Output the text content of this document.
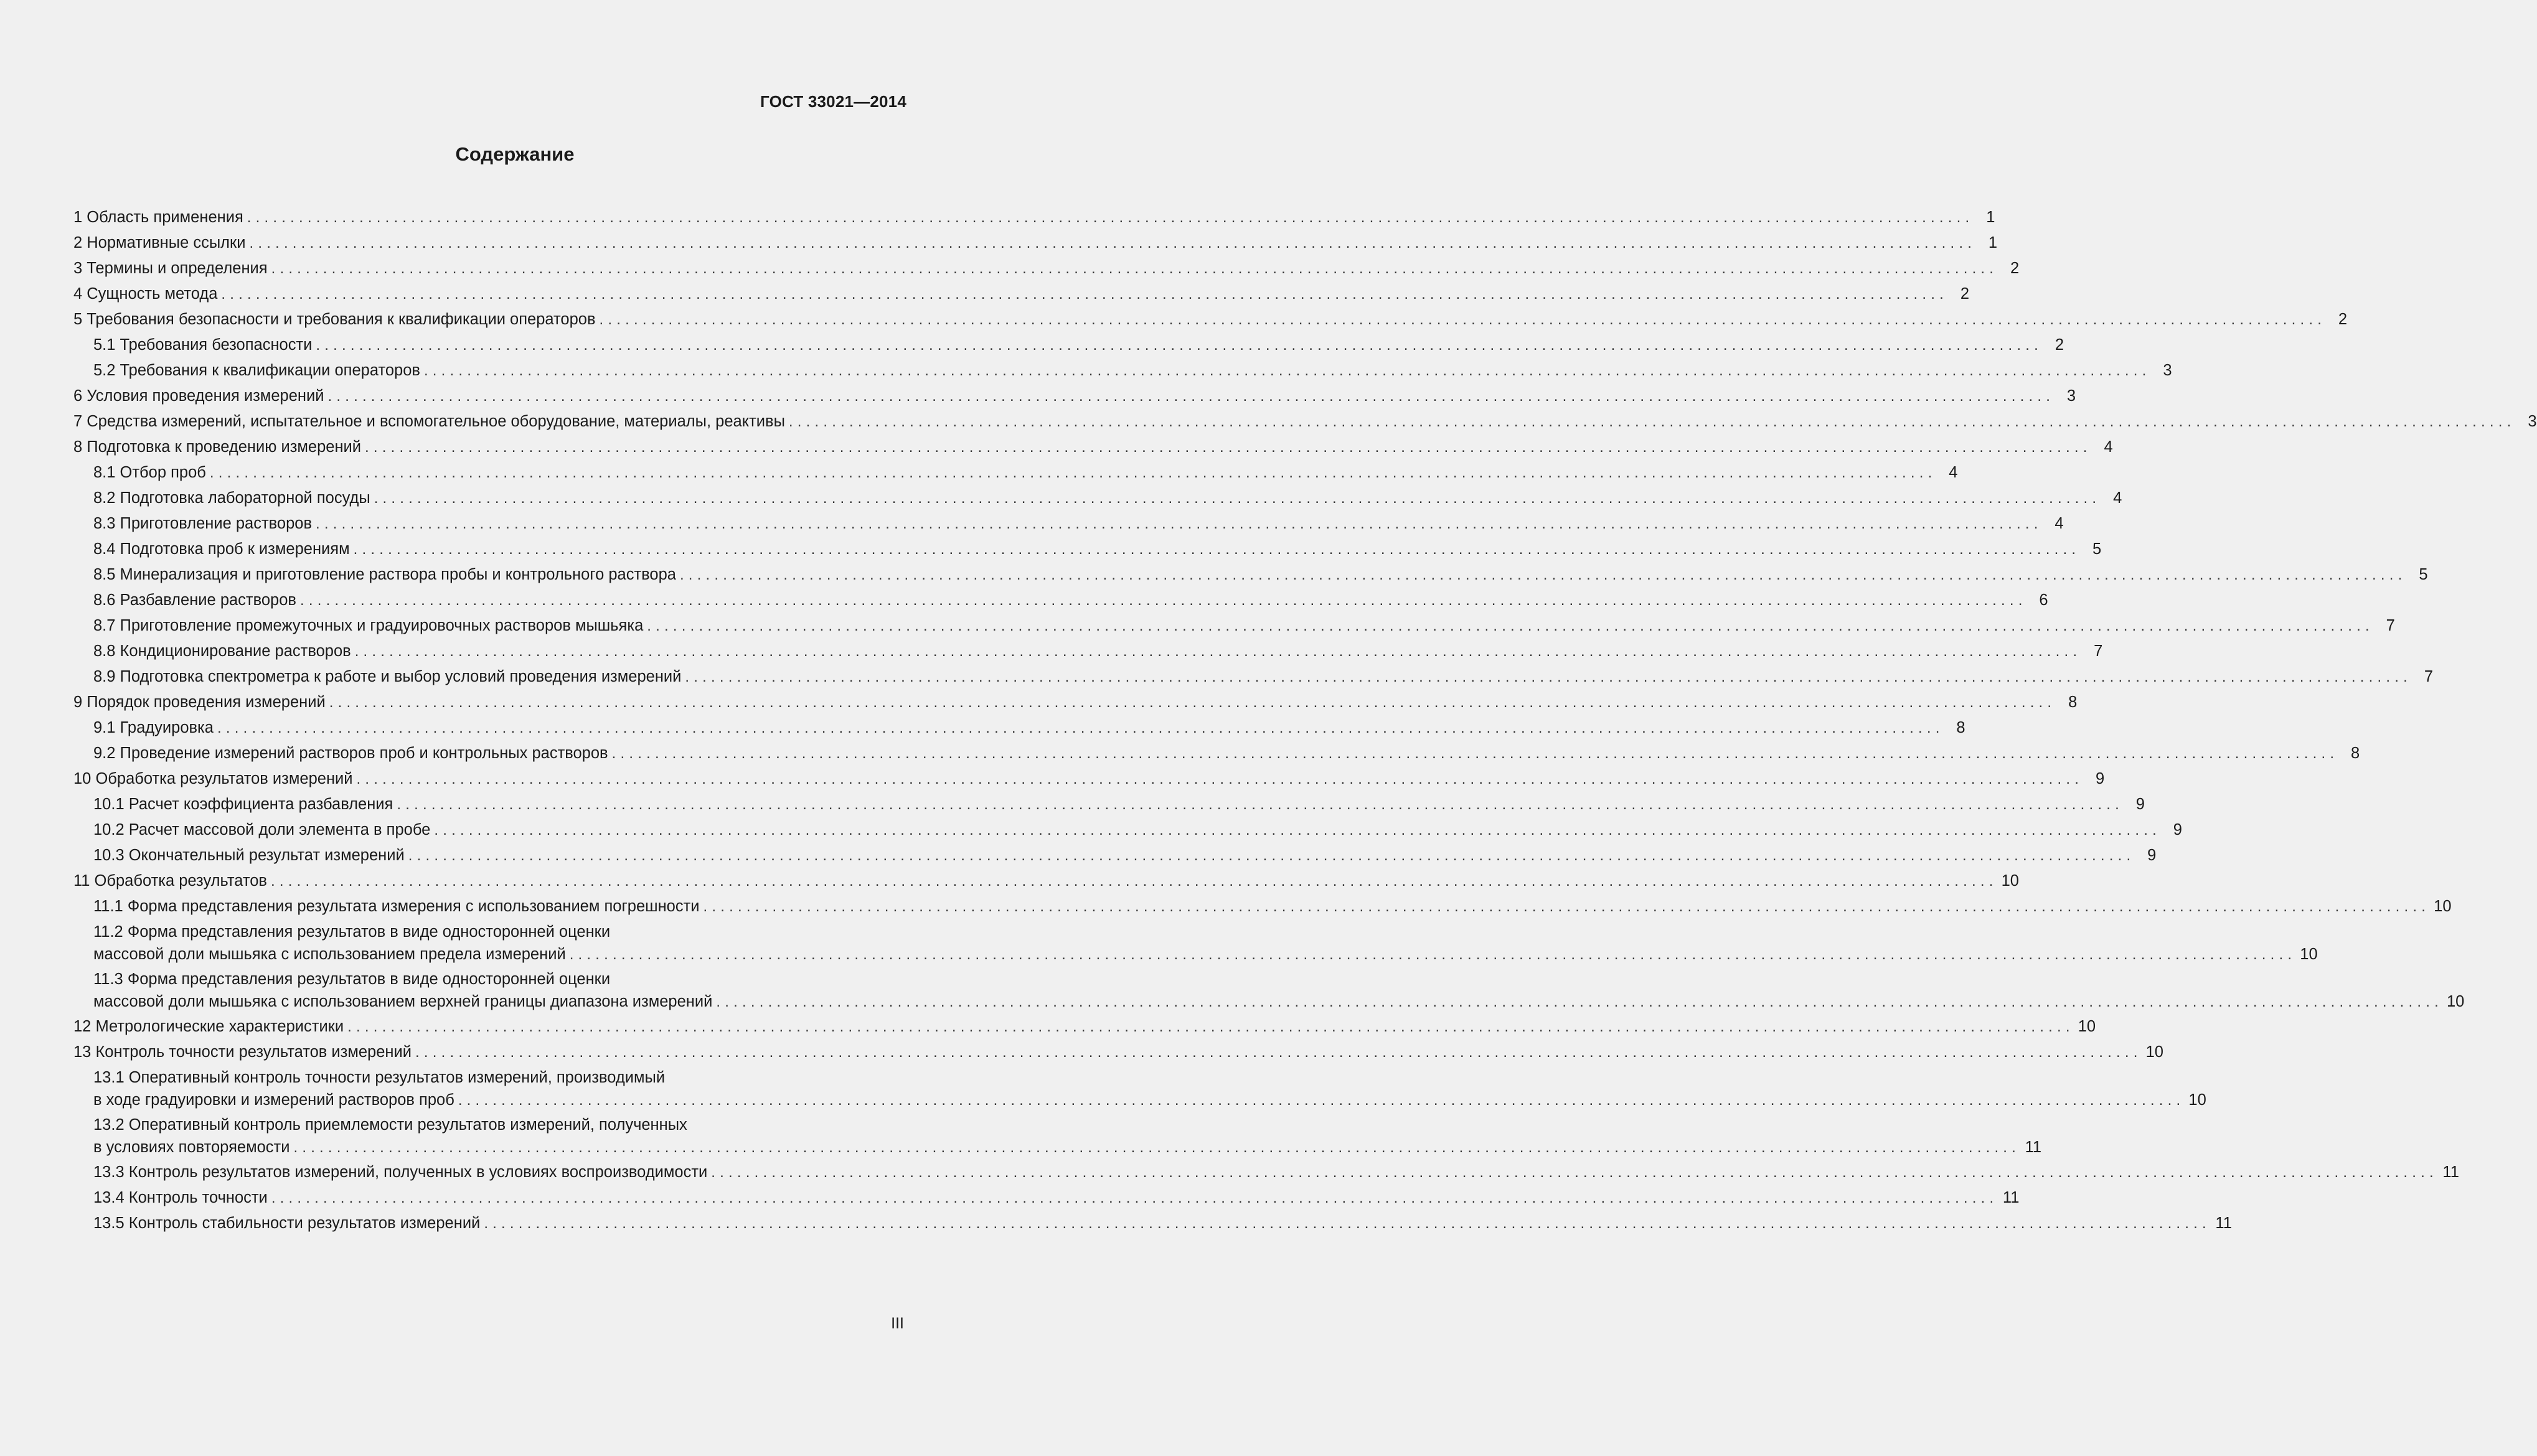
ГОСТ 33021—2014
Содержание
1 Область применения ........................................................................................................................................................................................................ 1
2 Нормативные ссылки ........................................................................................................................................................................................................ 1
3 Термины и определения ........................................................................................................................................................................................................ 2
4 Сущность метода ........................................................................................................................................................................................................ 2
5 Требования безопасности и требования к квалификации операторов ........................................................................................................................................................................................................ 2
5.1 Требования безопасности ........................................................................................................................................................................................................ 2
5.2 Требования к квалификации операторов ........................................................................................................................................................................................................ 3
6 Условия проведения измерений ........................................................................................................................................................................................................ 3
7 Средства измерений, испытательное и вспомогательное оборудование, материалы, реактивы ........................................................................................................................................................................................................ 3
8 Подготовка к проведению измерений ........................................................................................................................................................................................................ 4
8.1 Отбор проб ........................................................................................................................................................................................................ 4
8.2 Подготовка лабораторной посуды ........................................................................................................................................................................................................ 4
8.3 Приготовление растворов ........................................................................................................................................................................................................ 4
8.4 Подготовка проб к измерениям ........................................................................................................................................................................................................ 5
8.5 Минерализация и приготовление раствора пробы и контрольного раствора ........................................................................................................................................................................................................ 5
8.6 Разбавление растворов ........................................................................................................................................................................................................ 6
8.7 Приготовление промежуточных и градуировочных растворов мышьяка ........................................................................................................................................................................................................ 7
8.8 Кондиционирование растворов ........................................................................................................................................................................................................ 7
8.9 Подготовка спектрометра к работе и выбор условий проведения измерений ........................................................................................................................................................................................................ 7
9 Порядок проведения измерений ........................................................................................................................................................................................................ 8
9.1 Градуировка ........................................................................................................................................................................................................ 8
9.2 Проведение измерений растворов проб и контрольных растворов ........................................................................................................................................................................................................ 8
10 Обработка результатов измерений ........................................................................................................................................................................................................ 9
10.1 Расчет коэффициента разбавления ........................................................................................................................................................................................................ 9
10.2 Расчет массовой доли элемента в пробе ........................................................................................................................................................................................................ 9
10.3 Окончательный результат измерений ........................................................................................................................................................................................................ 9
11 Обработка результатов ........................................................................................................................................................................................................ 10
11.1 Форма представления результата измерения с использованием погрешности ........................................................................................................................................................................................................ 10
11.2 Форма представления результатов в виде односторонней оценки
массовой доли мышьяка с использованием предела измерений ........................................................................................................................................................................................................ 10
11.3 Форма представления результатов в виде односторонней оценки
массовой доли мышьяка с использованием верхней границы диапазона измерений ........................................................................................................................................................................................................ 10
12 Метрологические характеристики ........................................................................................................................................................................................................ 10
13 Контроль точности результатов измерений ........................................................................................................................................................................................................ 10
13.1 Оперативный контроль точности результатов измерений, производимый
в ходе градуировки и измерений растворов проб ........................................................................................................................................................................................................ 10
13.2 Оперативный контроль приемлемости результатов измерений, полученных
в условиях повторяемости ........................................................................................................................................................................................................ 11
13.3 Контроль результатов измерений, полученных в условиях воспроизводимости ........................................................................................................................................................................................................ 11
13.4 Контроль точности ........................................................................................................................................................................................................ 11
13.5 Контроль стабильности результатов измерений ........................................................................................................................................................................................................ 11
III
